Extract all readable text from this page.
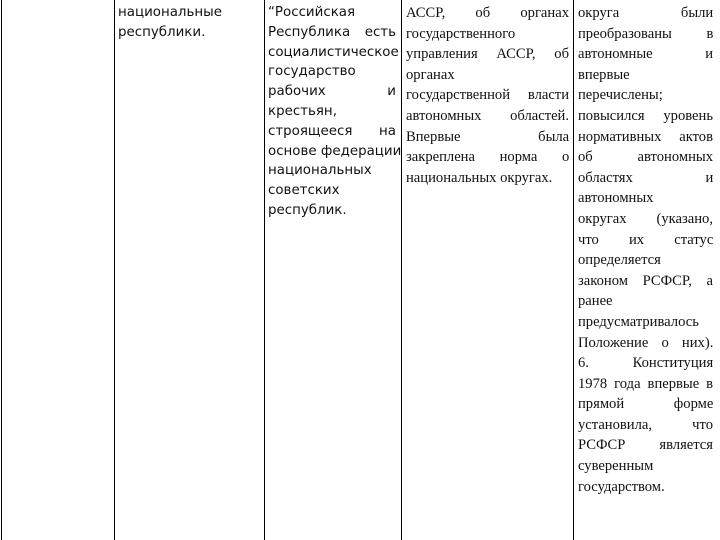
национальные
республики.
“Российская
Республика есть
социалистическое
государство
рабочих и
крестьян,
строящееся на
основе федерации
национальных
советских
республик.
АССР, об органах
государственного
управления АССР, об
органах
государственной власти
автономных областей.
Впервые была
закреплена норма о
национальных округах.
округа были
преобразованы в
автономные и
впервые
перечислены;
повысился уровень
нормативных актов
об автономных
областях и
автономных
округах (указано,
что их статус
определяется
законом РСФСР, а
ранее
предусматривалось
Положение о них).
6. Конституция
1978 года впервые в
прямой форме
установила, что
РСФСР является
суверенным
государством.
